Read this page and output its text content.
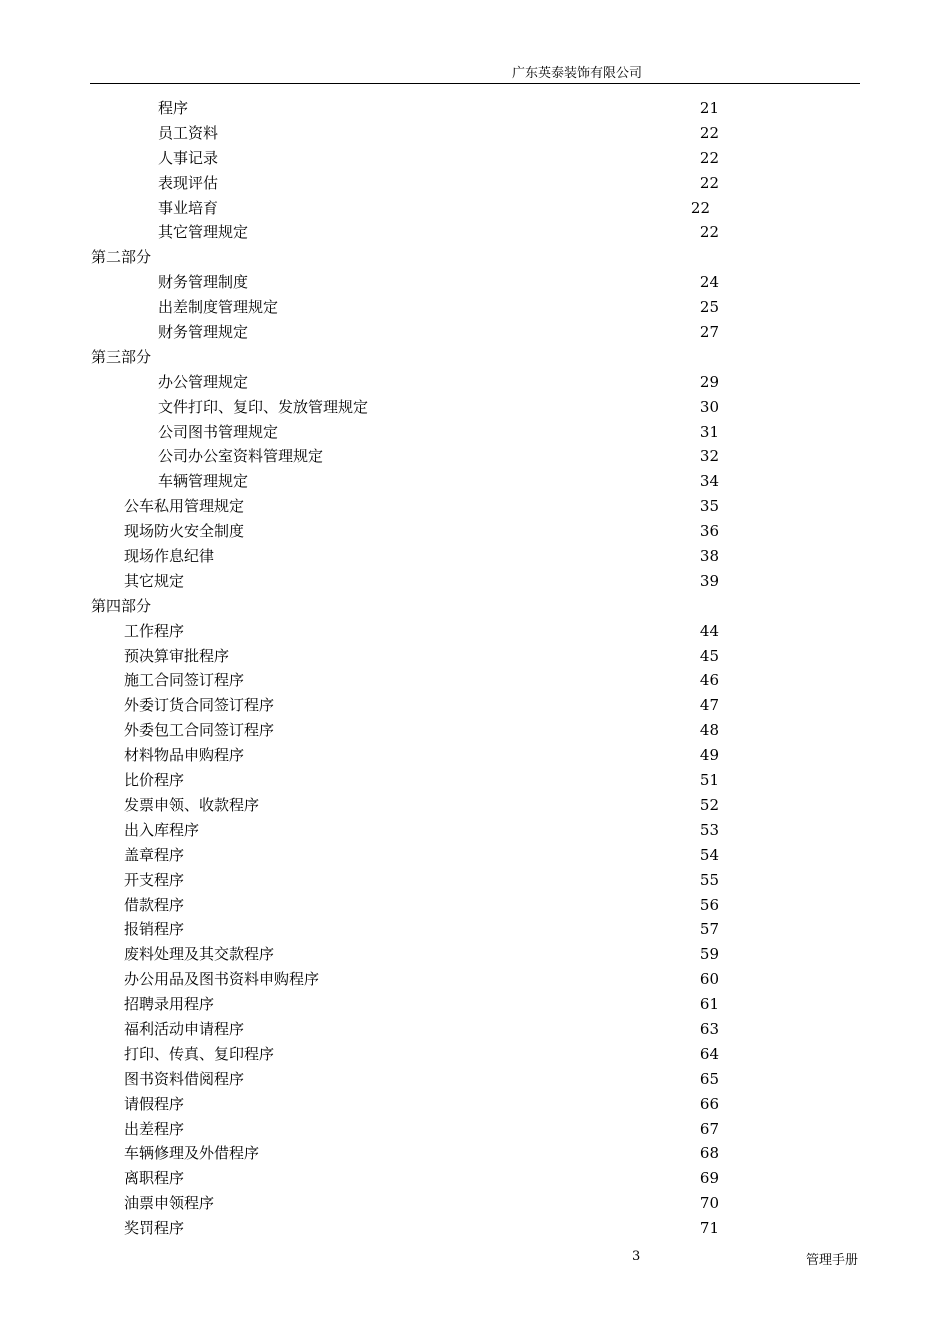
广东英泰装饰有限公司
程序	21
员工资料	22
人事记录	22
表现评估	22
事业培育	22
其它管理规定	22
第二部分
财务管理制度	24
出差制度管理规定	25
财务管理规定	27
第三部分
办公管理规定	29
文件打印、复印、发放管理规定	30
公司图书管理规定	31
公司办公室资料管理规定	32
车辆管理规定	34
公车私用管理规定	35
现场防火安全制度	36
现场作息纪律	38
其它规定	39
第四部分
工作程序	44
预决算审批程序	45
施工合同签订程序	46
外委订货合同签订程序	47
外委包工合同签订程序	48
材料物品申购程序	49
比价程序	51
发票申领、收款程序	52
出入库程序	53
盖章程序	54
开支程序	55
借款程序	56
报销程序	57
废料处理及其交款程序	59
办公用品及图书资料申购程序	60
招聘录用程序	61
福利活动申请程序	63
打印、传真、复印程序	64
图书资料借阅程序	65
请假程序	66
出差程序	67
车辆修理及外借程序	68
离职程序	69
油票申领程序	70
奖罚程序	71
3	管理手册
